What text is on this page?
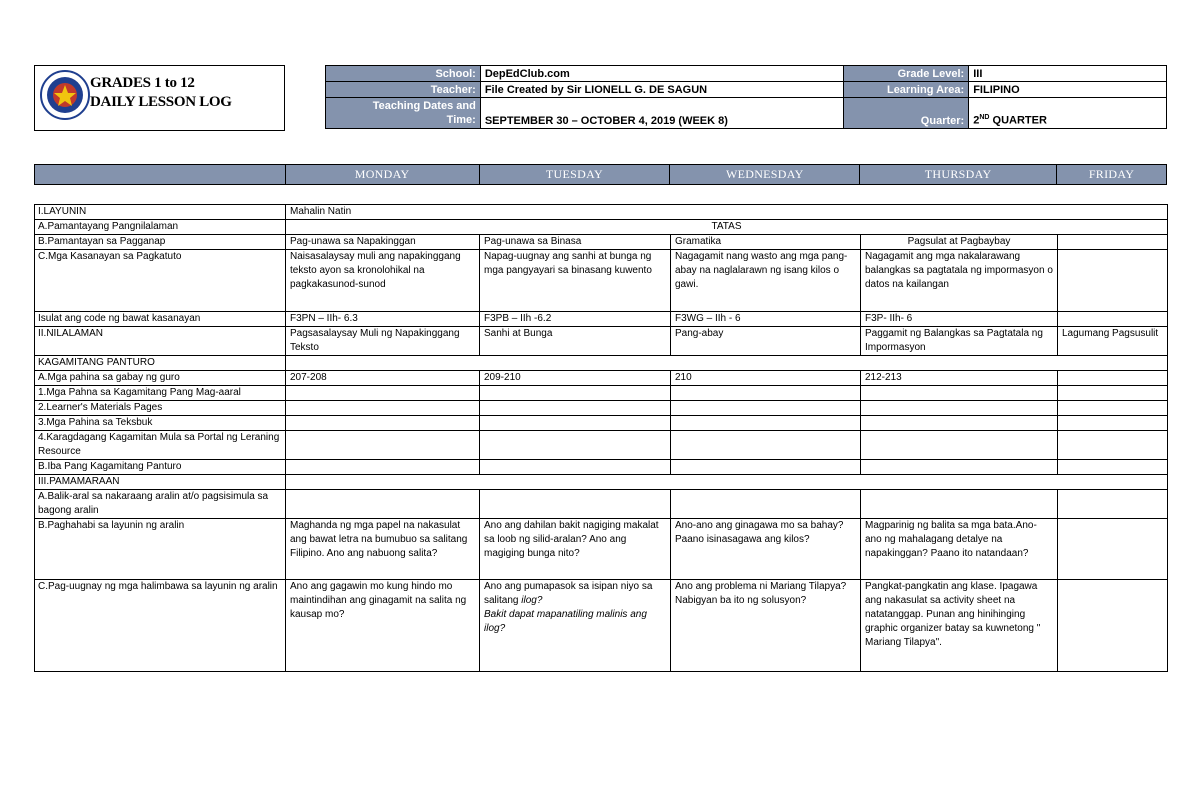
GRADES 1 to 12
DAILY LESSON LOG
School:	DepEdClub.com	Grade Level:	III
Teacher:	File Created by Sir LIONELL G. DE SAGUN	Learning Area:	FILIPINO

Teaching Dates and
Time:	SEPTEMBER 30 – OCTOBER 4, 2019 (WEEK 8)	Quarter:	2ND QUARTER
	MONDAY	TUESDAY	WEDNESDAY	THURSDAY	FRIDAY
I.LAYUNIN	Mahalin Natin				
A.Pamantayang Pangnilalaman	TATAS				
B.Pamantayan sa Pagganap	Pag-unawa sa Napakinggan	Pag-unawa sa Binasa	Gramatika	Pagsulat at Pagbaybay	
C.Mga Kasanayan sa Pagkatuto	Naisasalaysay muli ang napakinggang teksto ayon sa kronolohikal na pagkakasunod-sunod	Napag-uugnay ang sanhi at bunga ng mga pangyayari sa binasang kuwento	Nagagamit nang wasto ang mga pang-abay na naglalarawn ng isang kilos o gawi.	Nagagamit ang mga nakalarawang balangkas sa pagtatala ng impormasyon o datos na kailangan	
Isulat ang code ng bawat kasanayan	F3PN – IIh- 6.3	F3PB – IIh -6.2	F3WG – IIh - 6	F3P- IIh- 6	
II.NILALAMAN	Pagsasalaysay Muli ng Napakinggang Teksto	Sanhi at Bunga	Pang-abay	Paggamit ng Balangkas sa Pagtatala ng Impormasyon	Lagumang Pagsusulit
KAGAMITANG PANTURO					
A.Mga pahina sa gabay ng guro	207-208	209-210	210	212-213	
1.Mga Pahna sa Kagamitang Pang Mag-aaral					
2.Learner's Materials Pages					
3.Mga Pahina sa Teksbuk					
4.Karagdagang Kagamitan Mula sa Portal ng Leraning Resource					
B.Iba Pang Kagamitang Panturo					
III.PAMAMARAAN					
A.Balik-aral sa nakaraang aralin at/o pagsisimula sa bagong aralin					
B.Paghahabi sa layunin ng aralin	Maghanda ng mga papel na nakasulat ang bawat letra na bumubuo sa salitang Filipino. Ano ang nabuong salita?	Ano ang dahilan bakit nagiging makalat sa loob ng silid-aralan? Ano ang magiging bunga nito?	Ano-ano ang ginagawa mo sa bahay? Paano isinasagawa ang kilos?	Magparinig ng balita sa mga bata.Ano-ano ng mahalagang detalye na napakinggan? Paano ito natandaan?	
C.Pag-uugnay ng mga halimbawa sa layunin ng aralin	Ano ang gagawin mo kung hindo mo maintindihan ang ginagamit na salita ng kausap mo?	Ano ang pumapasok sa isipan niyo sa salitang ilog?
Bakit dapat mapanatiling malinis ang ilog?	Ano ang problema ni Mariang Tilapya?Nabigyan ba ito ng solusyon?	Pangkat-pangkatin ang klase. Ipagawa ang nakasulat sa activity sheet na natatanggap. Punan ang hinihinging graphic organizer batay sa kuwnetong " Mariang Tilapya".	
